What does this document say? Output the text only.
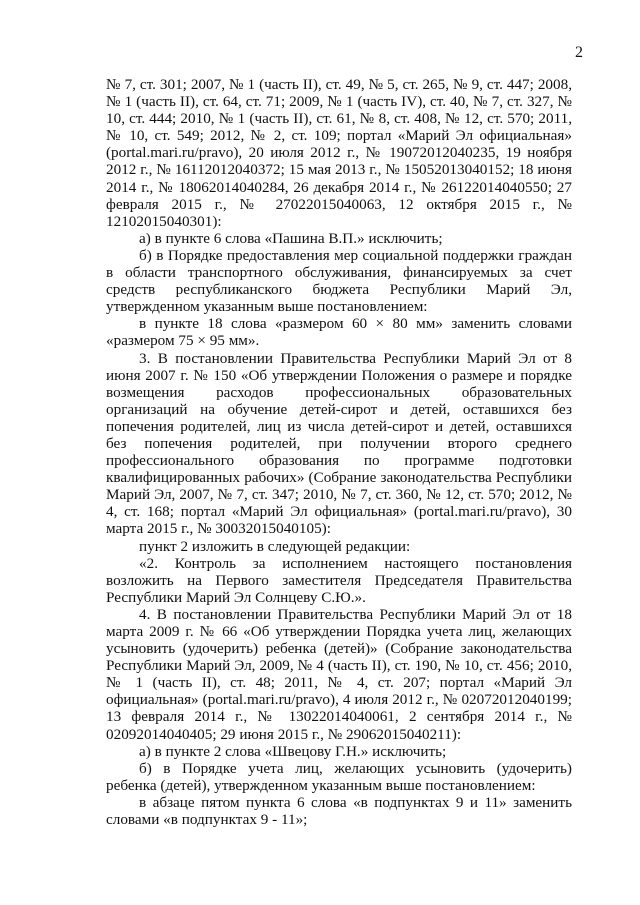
2

№ 7, ст. 301; 2007, № 1 (часть II), ст. 49, № 5, ст. 265, № 9, ст. 447; 2008, № 1 (часть II), ст. 64, ст. 71; 2009, № 1 (часть IV), ст. 40, № 7, ст. 327, № 10, ст. 444; 2010, № 1 (часть II), ст. 61, № 8, ст. 408, № 12, ст. 570; 2011, № 10, ст. 549; 2012, № 2, ст. 109; портал «Марий Эл официальная» (portal.mari.ru/pravo), 20 июля 2012 г., № 19072012040235, 19 ноября 2012 г., № 16112012040372; 15 мая 2013 г., № 15052013040152; 18 июня 2014 г., № 18062014040284, 26 декабря 2014 г., № 26122014040550; 27 февраля 2015 г., № 27022015040063, 12 октября 2015 г., № 12102015040301):

а) в пункте 6 слова «Пашина В.П.» исключить;

б) в Порядке предоставления мер социальной поддержки граждан в области транспортного обслуживания, финансируемых за счет средств республиканского бюджета Республики Марий Эл, утвержденном указанным выше постановлением:

в пункте 18 слова «размером 60 × 80 мм» заменить словами «размером 75 × 95 мм».

3. В постановлении Правительства Республики Марий Эл от 8 июня 2007 г. № 150 «Об утверждении Положения о размере и порядке возмещения расходов профессиональных образовательных организаций на обучение детей-сирот и детей, оставшихся без попечения родителей, лиц из числа детей-сирот и детей, оставшихся без попечения родителей, при получении второго среднего профессионального образования по программе подготовки квалифицированных рабочих» (Собрание законодательства Республики Марий Эл, 2007, № 7, ст. 347; 2010, № 7, ст. 360, № 12, ст. 570; 2012, № 4, ст. 168; портал «Марий Эл официальная» (portal.mari.ru/pravo), 30 марта 2015 г., № 30032015040105):

пункт 2 изложить в следующей редакции:

«2. Контроль за исполнением настоящего постановления возложить на Первого заместителя Председателя Правительства Республики Марий Эл Солнцеву С.Ю.».

4. В постановлении Правительства Республики Марий Эл от 18 марта 2009 г. № 66 «Об утверждении Порядка учета лиц, желающих усыновить (удочерить) ребенка (детей)» (Собрание законодательства Республики Марий Эл, 2009, № 4 (часть II), ст. 190, № 10, ст. 456; 2010, № 1 (часть II), ст. 48; 2011, № 4, ст. 207; портал «Марий Эл официальная» (portal.mari.ru/pravo), 4 июля 2012 г., № 02072012040199; 13 февраля 2014 г., № 13022014040061, 2 сентября 2014 г., № 02092014040405; 29 июня 2015 г., № 29062015040211):

а) в пункте 2 слова «Швецову Г.Н.» исключить;

б) в Порядке учета лиц, желающих усыновить (удочерить) ребенка (детей), утвержденном указанным выше постановлением:

в абзаце пятом пункта 6 слова «в подпунктах 9 и 11» заменить словами «в подпунктах 9 - 11»;
